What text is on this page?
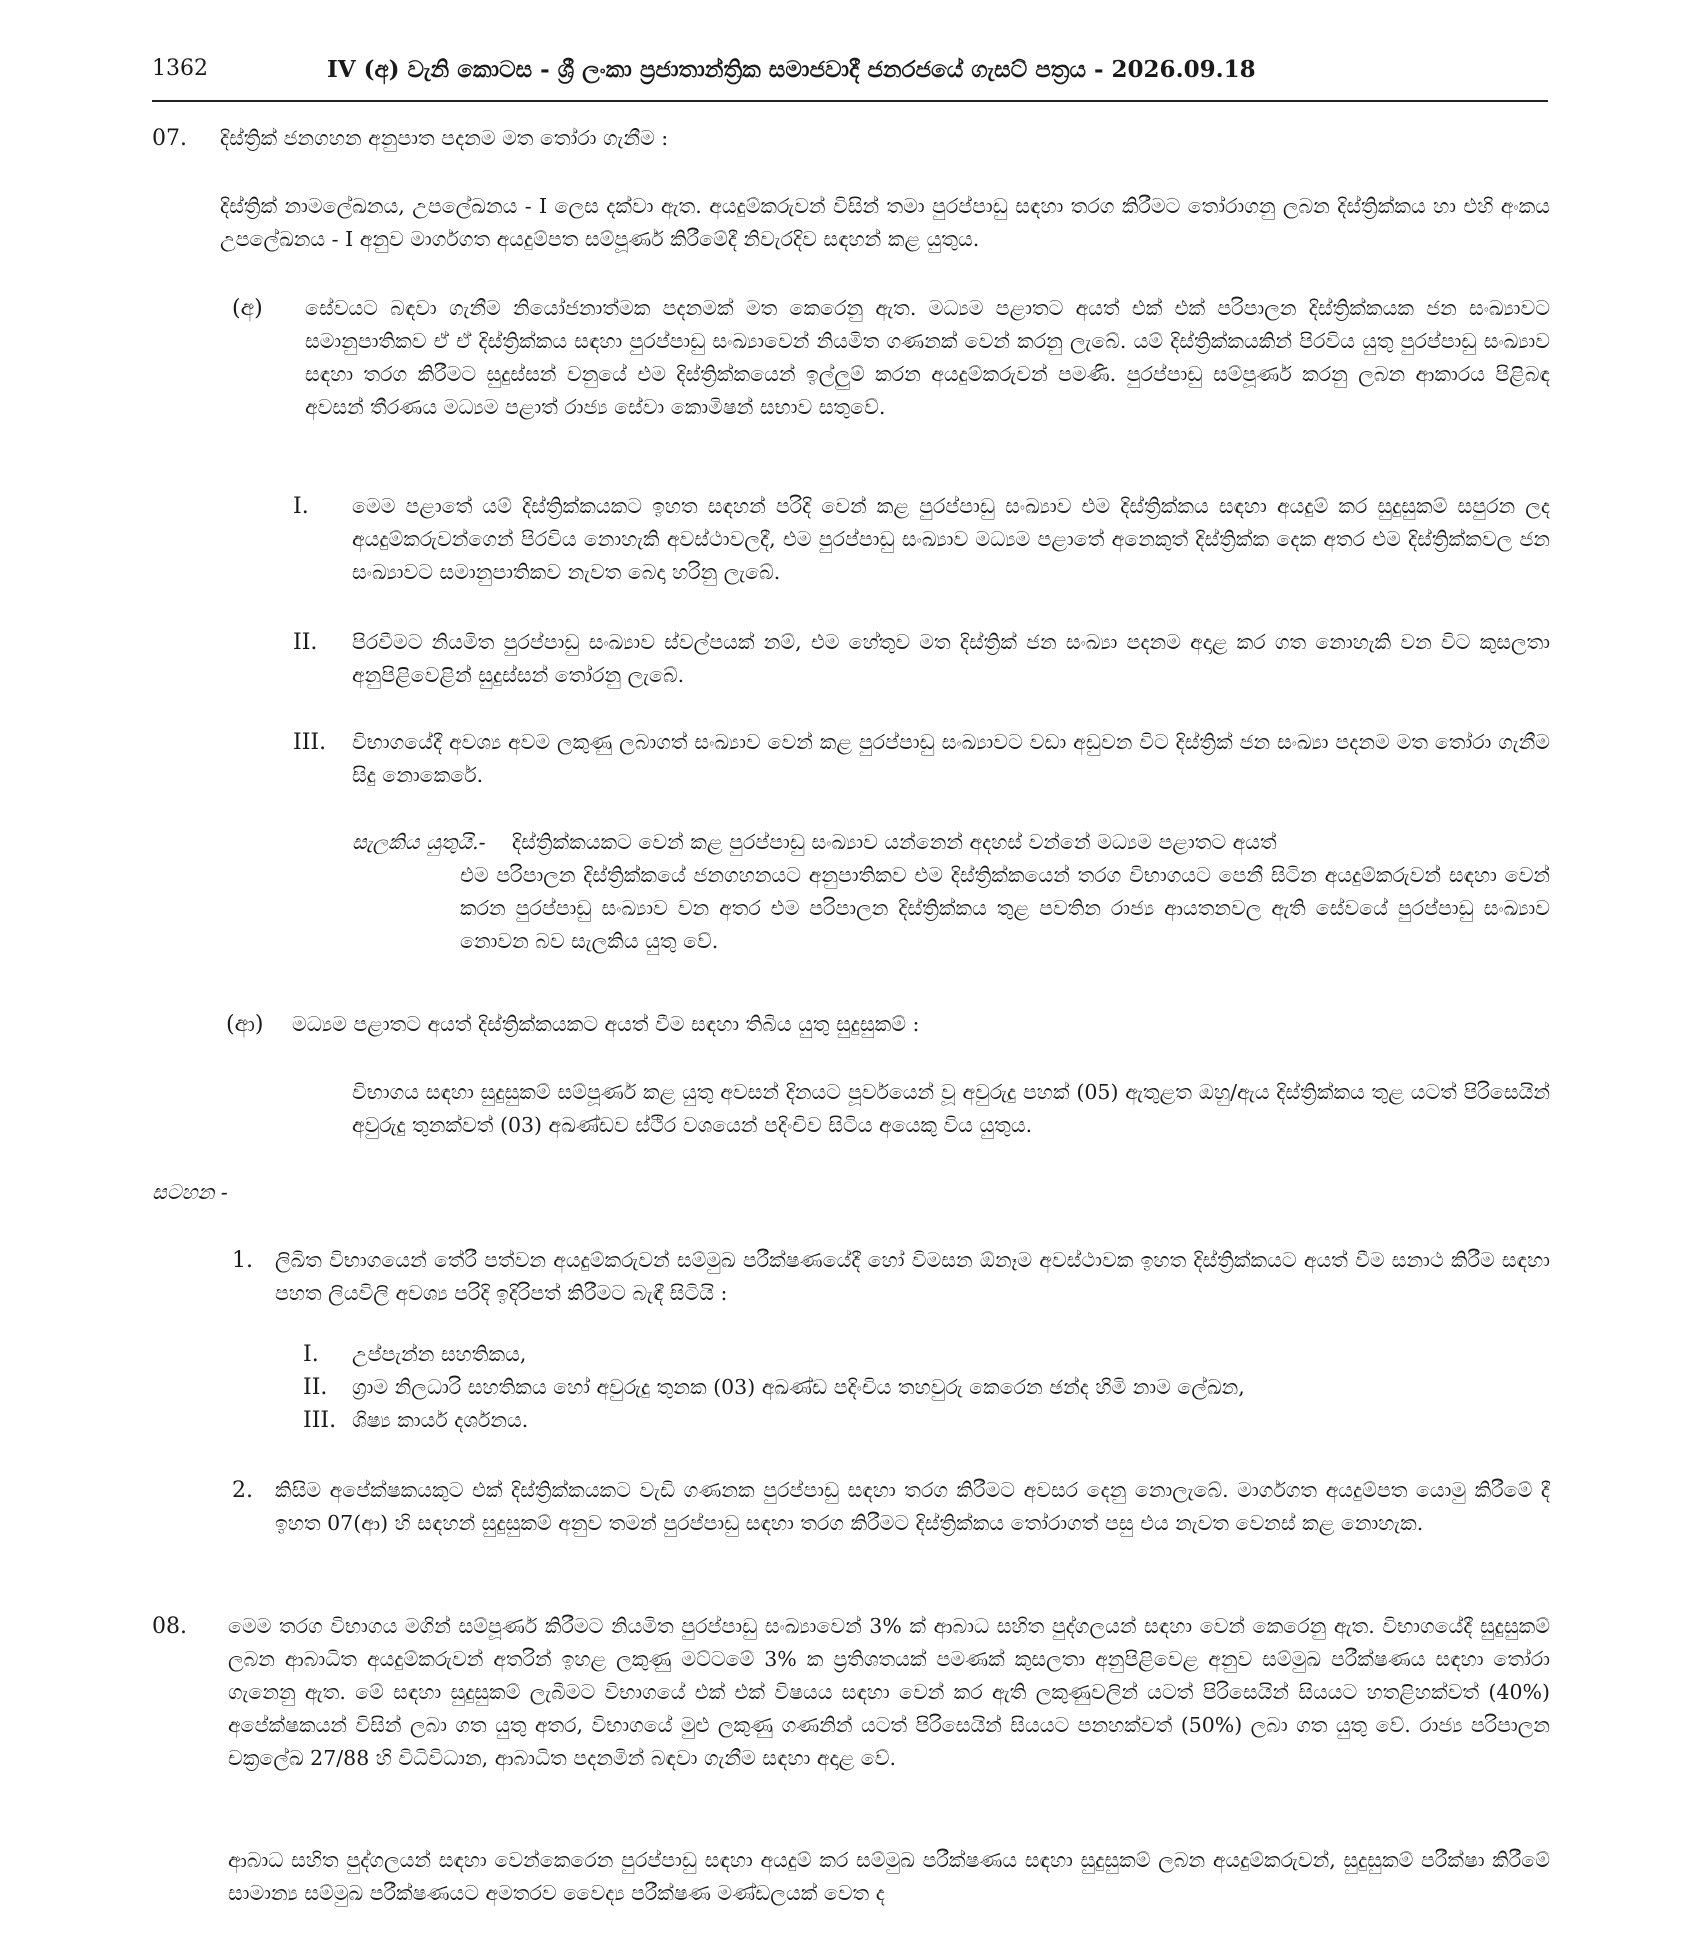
1362	IV (අ) වැනි කොටස - ශ්‍රී ලංකා ප්‍රජාතාන්ත්‍රික සමාජවාදී ජනරජයේ ගැසට් පත්‍රය - 2026.09.18
07. දිස්ත්‍රික් ජනගහන අනුපාත පදනම මත තෝරා ගැනීම :
දිස්ත්‍රික් නාමලේඛනය, උපලේඛනය - I ලෙස දක්වා ඇත. අයදුම්කරුවන් විසින් තමා පුරප්පාඩු සඳහා තරග කිරීමට තෝරාගනු ලබන දිස්ත්‍රික්කය හා එහි අංකය උපලේඛනය - I අනුව මාර්ගගත අයදුම්පත සම්පූර්ණ කිරීමේදී නිවැරදිව සඳහන් කළ යුතුය.
(අ) සේවයට බඳවා ගැනීම නියෝජනාත්මක පදනමක් මත කෙරෙනු ඇත. මධ්‍යම පළාතට අයත් එක් එක් පරිපාලන දිස්ත්‍රික්කයක ජන සංඛ්‍යාවට සමානුපාතිකව ඒ ඒ දිස්ත්‍රික්කය සඳහා පුරප්පාඩු සංඛ්‍යාවෙන් නියමිත ගණනක් වෙන් කරනු ලැබේ. යම් දිස්ත්‍රික්කයකින් පිරවිය යුතු පුරප්පාඩු සංඛ්‍යාව සඳහා තරග කිරීමට සුදුස්සන් වනුයේ එම දිස්ත්‍රික්කයෙන් ඉල්ලුම් කරන අයදුම්කරුවන් පමණි. පුරප්පාඩු සම්පූර්ණ කරනු ලබන ආකාරය පිළිබඳ අවසන් තීරණය මධ්‍යම පළාත් රාජ්‍ය සේවා කොමිෂන් සභාව සතුවේ.
I. මෙම පළාතේ යම් දිස්ත්‍රික්කයකට ඉහත සඳහන් පරිදි වෙන් කළ පුරප්පාඩු සංඛ්‍යාව එම දිස්ත්‍රික්කය සඳහා අයදුම් කර සුදුසුකම් සපුරන ලද අයදුම්කරුවන්ගෙන් පිරවිය නොහැකි අවස්ථාවලදී, එම පුරප්පාඩු සංඛ්‍යාව මධ්‍යම පළාතේ අනෙකුත් දිස්ත්‍රික්ක දෙක අතර එම දිස්ත්‍රික්කවල ජන සංඛ්‍යාවට සමානුපාතිකව නැවත බෙදා හරිනු ලැබේ.
II. පිරවීමට නියමිත පුරප්පාඩු සංඛ්‍යාව ස්වල්පයක් නම්, එම හේතුව මත දිස්ත්‍රික් ජන සංඛ්‍යා පදනම අදාළ කර ගත නොහැකි වන විට කුසලතා අනුපිළිවෙළින් සුදුස්සන් තෝරනු ලැබේ.
III. විභාගයේදී අවශ්‍ය අවම ලකුණු ලබාගත් සංඛ්‍යාව වෙන් කළ පුරප්පාඩු සංඛ්‍යාවට වඩා අඩුවන විට දිස්ත්‍රික් ජන සංඛ්‍යා පදනම මත තෝරා ගැනීම සිදු නොකෙරේ.
සැලකිය යුතුයි.- දිස්ත්‍රික්කයකට වෙන් කළ පුරප්පාඩු සංඛ්‍යාව යන්නෙන් අදහස් වන්නේ මධ්‍යම පළාතට අයත්
එම පරිපාලන දිස්ත්‍රික්කයේ ජනගහනයට අනුපාතිකව එම දිස්ත්‍රික්කයෙන් තරග විභාගයට පෙනී සිටින අයදුම්කරුවන් සඳහා වෙන් කරන පුරප්පාඩු සංඛ්‍යාව වන අතර එම පරිපාලන දිස්ත්‍රික්කය තුළ පවතින රාජ්‍ය ආයතනවල ඇති සේවයේ පුරප්පාඩු සංඛ්‍යාව නොවන බව සැලකිය යුතු වේ.
(ආ) මධ්‍යම පළාතට අයත් දිස්ත්‍රික්කයකට අයත් වීම සඳහා තිබිය යුතු සුදුසුකම් :
විභාගය සඳහා සුදුසුකම් සම්පූර්ණ කළ යුතු අවසන් දිනයට පූර්වයෙන් වූ අවුරුදු පහක් (05) ඇතුළත ඔහු/ඇය දිස්ත්‍රික්කය තුළ යටත් පිරිසෙයින් අවුරුදු තුනක්වත් (03) අඛණ්ඩව ස්ථිර වශයෙන් පදිංචිව සිටිය අයෙකු විය යුතුය.
සටහන -
1. ලිඛිත විභාගයෙන් තේරී පත්වන අයදුම්කරුවන් සම්මුඛ පරීක්ෂණයේදී හෝ විමසන ඕනෑම අවස්ථාවක ඉහත දිස්ත්‍රික්කයට අයත් වීම සනාථ කිරීම සඳහා පහත ලියවිලි අවශ්‍ය පරිදි ඉදිරිපත් කිරීමට බැඳී සිටියි :
I. උප්පැන්න සහතිකය,
II. ග්‍රාම නිලධාරි සහතිකය හෝ අවුරුදු තුනක (03) අඛණ්ඩ පදිංචිය තහවුරු කෙරෙන ඡන්ද හිමි නාම ලේඛන,
III. ශිෂ්‍ය කාර්ය දර්ශනය.
2. කිසිම අපේක්ෂකයකුට එක් දිස්ත්‍රික්කයකට වැඩි ගණනක පුරප්පාඩු සඳහා තරග කිරීමට අවසර දෙනු නොලැබේ. මාර්ගගත අයදුම්පත යොමු කිරීමේ දී ඉහත 07(ආ) හි සඳහන් සුදුසුකම් අනුව තමන් පුරප්පාඩු සඳහා තරග කිරීමට දිස්ත්‍රික්කය තෝරාගත් පසු එය නැවත වෙනස් කළ නොහැක.
08. මෙම තරග විභාගය මගින් සම්පූර්ණ කිරීමට නියමිත පුරප්පාඩු සංඛ්‍යාවෙන් 3% ක් ආබාධ සහිත පුද්ගලයන් සඳහා වෙන් කෙරෙනු ඇත. විභාගයේදී සුදුසුකම් ලබන ආබාධිත අයදුම්කරුවන් අතරින් ඉහළ ලකුණු මට්ටමේ 3% ක ප්‍රතිශතයක් පමණක් කුසලතා අනුපිළිවෙළ අනුව සම්මුඛ පරීක්ෂණය සඳහා තෝරා ගැනෙනු ඇත. මේ සඳහා සුදුසුකම් ලැබීමට විභාගයේ එක් එක් විෂයය සඳහා වෙන් කර ඇති ලකුණුවලින් යටත් පිරිසෙයින් සියයට හතළිහක්වත් (40%) අපේක්ෂකයන් විසින් ලබා ගත යුතු අතර, විභාගයේ මුළු ලකුණු ගණනින් යටත් පිරිසෙයින් සියයට පනහක්වත් (50%) ලබා ගත යුතු වේ. රාජ්‍ය පරිපාලන චක්‍රලේඛ 27/88 හි විධිවිධාන, ආබාධිත පදනමින් බඳවා ගැනීම සඳහා අදාළ වේ.
ආබාධ සහිත පුද්ගලයන් සඳහා වෙන්කෙරෙන පුරප්පාඩු සඳහා අයදුම් කර සම්මුඛ පරීක්ෂණය සඳහා සුදුසුකම් ලබන අයදුම්කරුවන්, සුදුසුකම් පරීක්ෂා කිරීමේ සාමාන්‍ය සම්මුඛ පරීක්ෂණයට අමතරව වෛද්‍ය පරීක්ෂණ මණ්ඩලයක් වෙත ද
